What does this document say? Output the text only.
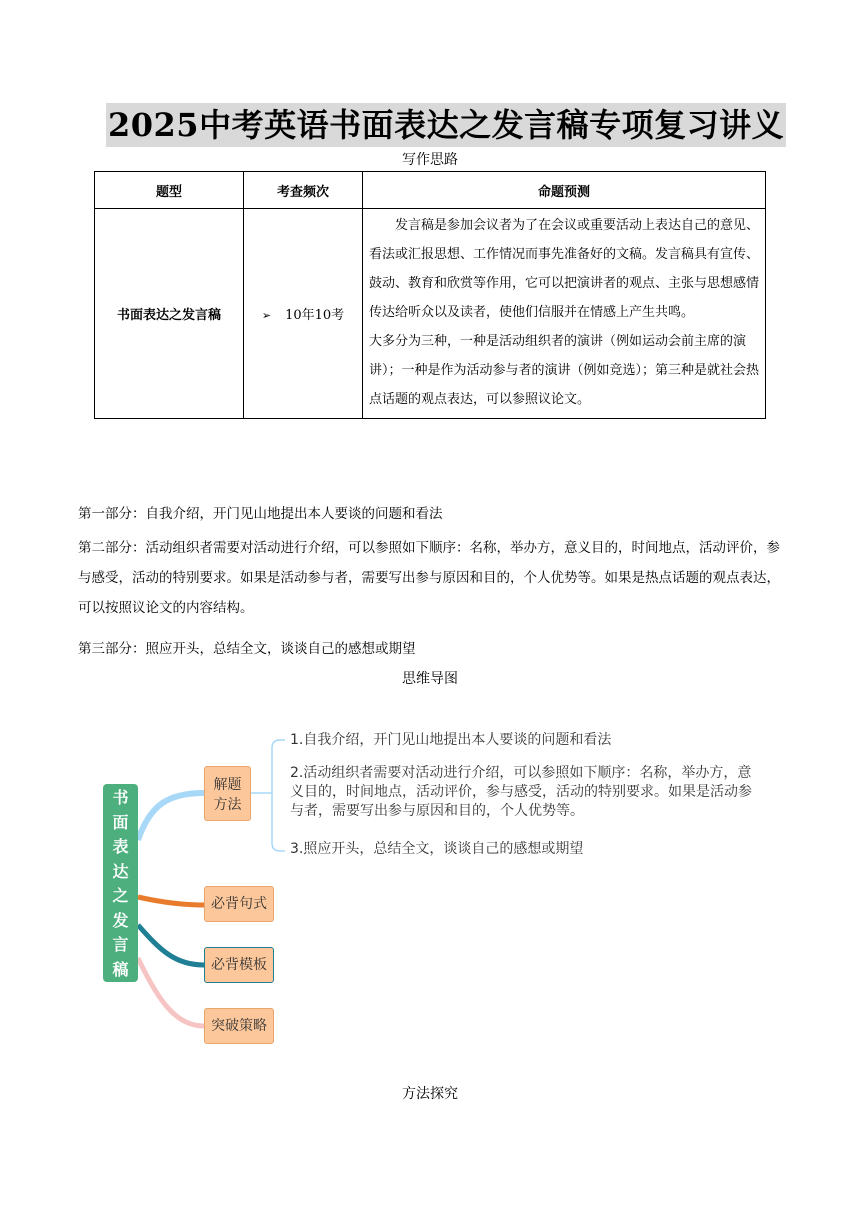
2025中考英语书面表达之发言稿专项复习讲义
写作思路
题型	考查频次	命题预测
书面表达之发言稿	➢ 10年10考	发言稿是参加会议者为了在会议或重要活动上表达自己的意见、看法或汇报思想、工作情况而事先准备好的文稿。发言稿具有宣传、鼓动、教育和欣赏等作用，它可以把演讲者的观点、主张与思想感情传达给听众以及读者，使他们信服并在情感上产生共鸣。
大多分为三种，一种是活动组织者的演讲（例如运动会前主席的演讲）；一种是作为活动参与者的演讲（例如竞选）；第三种是就社会热点话题的观点表达，可以参照议论文。
第一部分：自我介绍，开门见山地提出本人要谈的问题和看法
第二部分：活动组织者需要对活动进行介绍，可以参照如下顺序：名称，举办方，意义目的，时间地点，活动评价，参与感受，活动的特别要求。如果是活动参与者，需要写出参与原因和目的，个人优势等。如果是热点话题的观点表达，可以按照议论文的内容结构。
第三部分：照应开头，总结全文，谈谈自己的感想或期望
思维导图
书
面
表
达
之
发
言
稿
解题
方法
必背句式
必背模板
突破策略
1.自我介绍，开门见山地提出本人要谈的问题和看法
2.活动组织者需要对活动进行介绍，可以参照如下顺序：名称，举办方，意义目的，时间地点，活动评价，参与感受，活动的特别要求。如果是活动参与者，需要写出参与原因和目的，个人优势等。
3.照应开头，总结全文，谈谈自己的感想或期望
方法探究
